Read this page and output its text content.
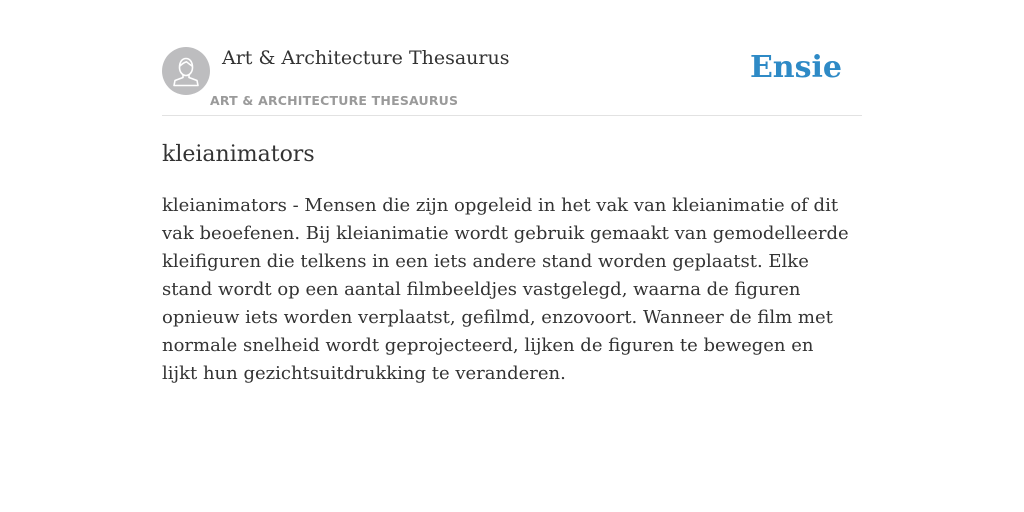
Art & Architecture Thesaurus
ART & ARCHITECTURE THESAURUS
Ensie
kleianimators

kleianimators - Mensen die zijn opgeleid in het vak van kleianimatie of dit vak beoefenen. Bij kleianimatie wordt gebruik gemaakt van gemodelleerde kleifiguren die telkens in een iets andere stand worden geplaatst. Elke stand wordt op een aantal filmbeeldjes vastgelegd, waarna de figuren opnieuw iets worden verplaatst, gefilmd, enzovoort. Wanneer de film met normale snelheid wordt geprojecteerd, lijken de figuren te bewegen en lijkt hun gezichtsuitdrukking te veranderen.
